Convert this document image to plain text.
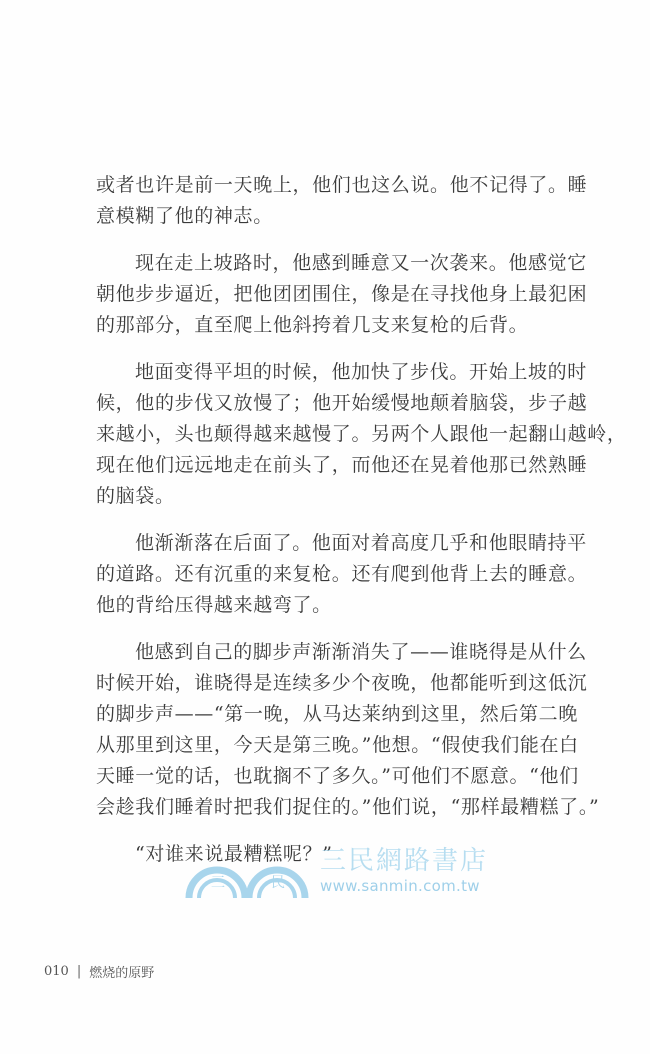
或者也许是前一天晚上，他们也这么说。他不记得了。睡
意模糊了他的神志。

现在走上坡路时，他感到睡意又一次袭来。他感觉它
朝他步步逼近，把他团团围住，像是在寻找他身上最犯困
的那部分，直至爬上他斜挎着几支来复枪的后背。

地面变得平坦的时候，他加快了步伐。开始上坡的时
候，他的步伐又放慢了；他开始缓慢地颠着脑袋，步子越
来越小，头也颠得越来越慢了。另两个人跟他一起翻山越岭，
现在他们远远地走在前头了，而他还在晃着他那已然熟睡
的脑袋。

他渐渐落在后面了。他面对着高度几乎和他眼睛持平
的道路。还有沉重的来复枪。还有爬到他背上去的睡意。
他的背给压得越来越弯了。

他感到自己的脚步声渐渐消失了——谁晓得是从什么
时候开始，谁晓得是连续多少个夜晚，他都能听到这低沉
的脚步声——“第一晚，从马达莱纳到这里，然后第二晚
从那里到这里，今天是第三晚。”他想。“假使我们能在白
天睡一觉的话，也耽搁不了多久。”可他们不愿意。“他们
会趁我们睡着时把我们捉住的。”他们说，“那样最糟糕了。”

“对谁来说最糟糕呢？”

三	民
三民網路書店
www.sanmin.com.tw
010 | 燃烧的原野
